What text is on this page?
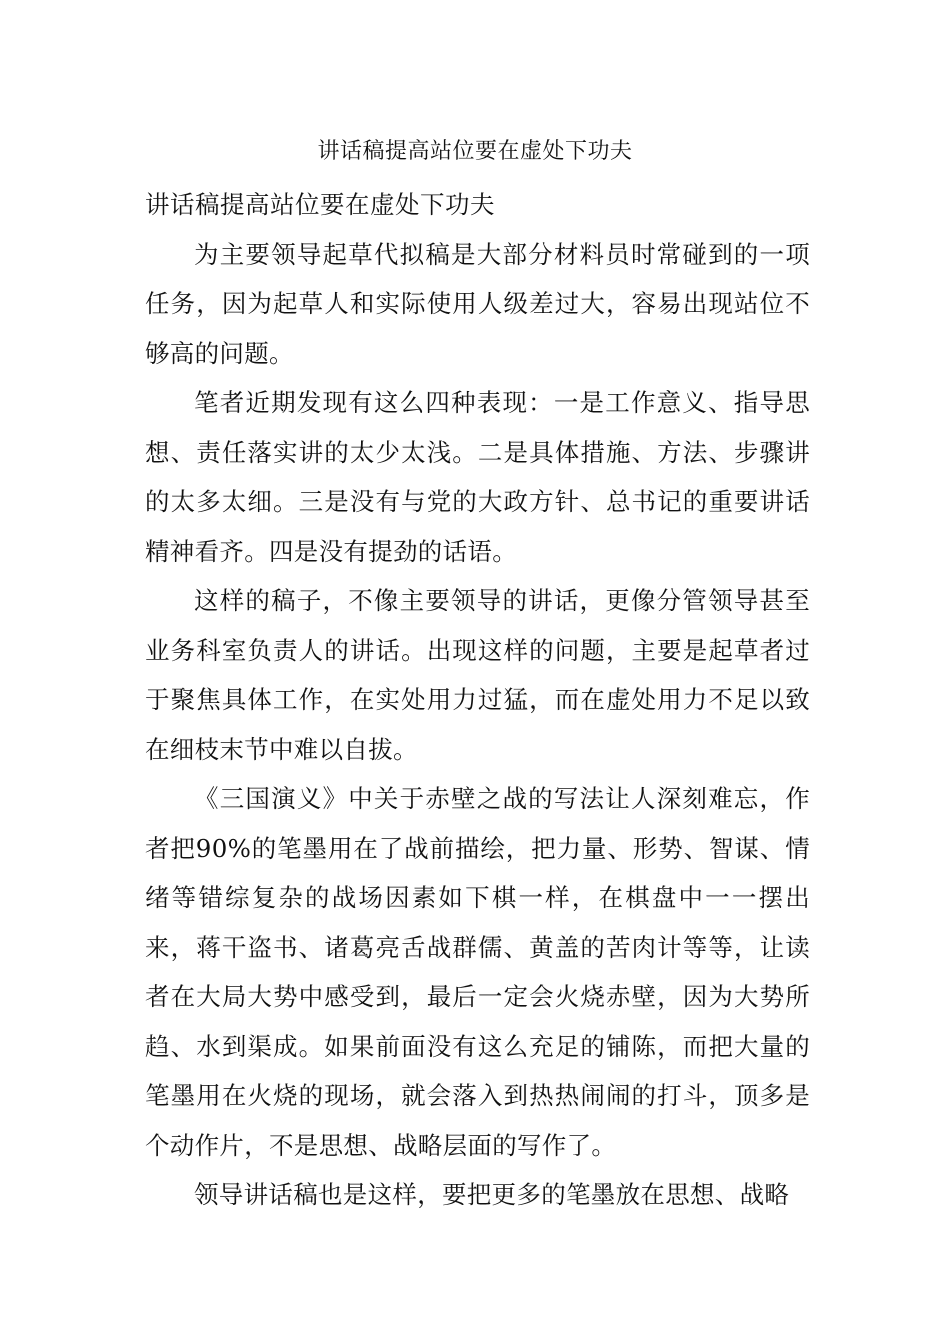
讲话稿提高站位要在虚处下功夫

讲话稿提高站位要在虚处下功夫

为主要领导起草代拟稿是大部分材料员时常碰到的一项任务，因为起草人和实际使用人级差过大，容易出现站位不够高的问题。

笔者近期发现有这么四种表现：一是工作意义、指导思想、责任落实讲的太少太浅。二是具体措施、方法、步骤讲的太多太细。三是没有与党的大政方针、总书记的重要讲话精神看齐。四是没有提劲的话语。

这样的稿子，不像主要领导的讲话，更像分管领导甚至业务科室负责人的讲话。出现这样的问题，主要是起草者过于聚焦具体工作，在实处用力过猛，而在虚处用力不足以致在细枝末节中难以自拔。

《三国演义》中关于赤壁之战的写法让人深刻难忘，作者把90%的笔墨用在了战前描绘，把力量、形势、智谋、情绪等错综复杂的战场因素如下棋一样，在棋盘中一一摆出来，蒋干盗书、诸葛亮舌战群儒、黄盖的苦肉计等等，让读者在大局大势中感受到，最后一定会火烧赤壁，因为大势所趋、水到渠成。如果前面没有这么充足的铺陈，而把大量的笔墨用在火烧的现场，就会落入到热热闹闹的打斗，顶多是个动作片，不是思想、战略层面的写作了。

领导讲话稿也是这样，要把更多的笔墨放在思想、战略
